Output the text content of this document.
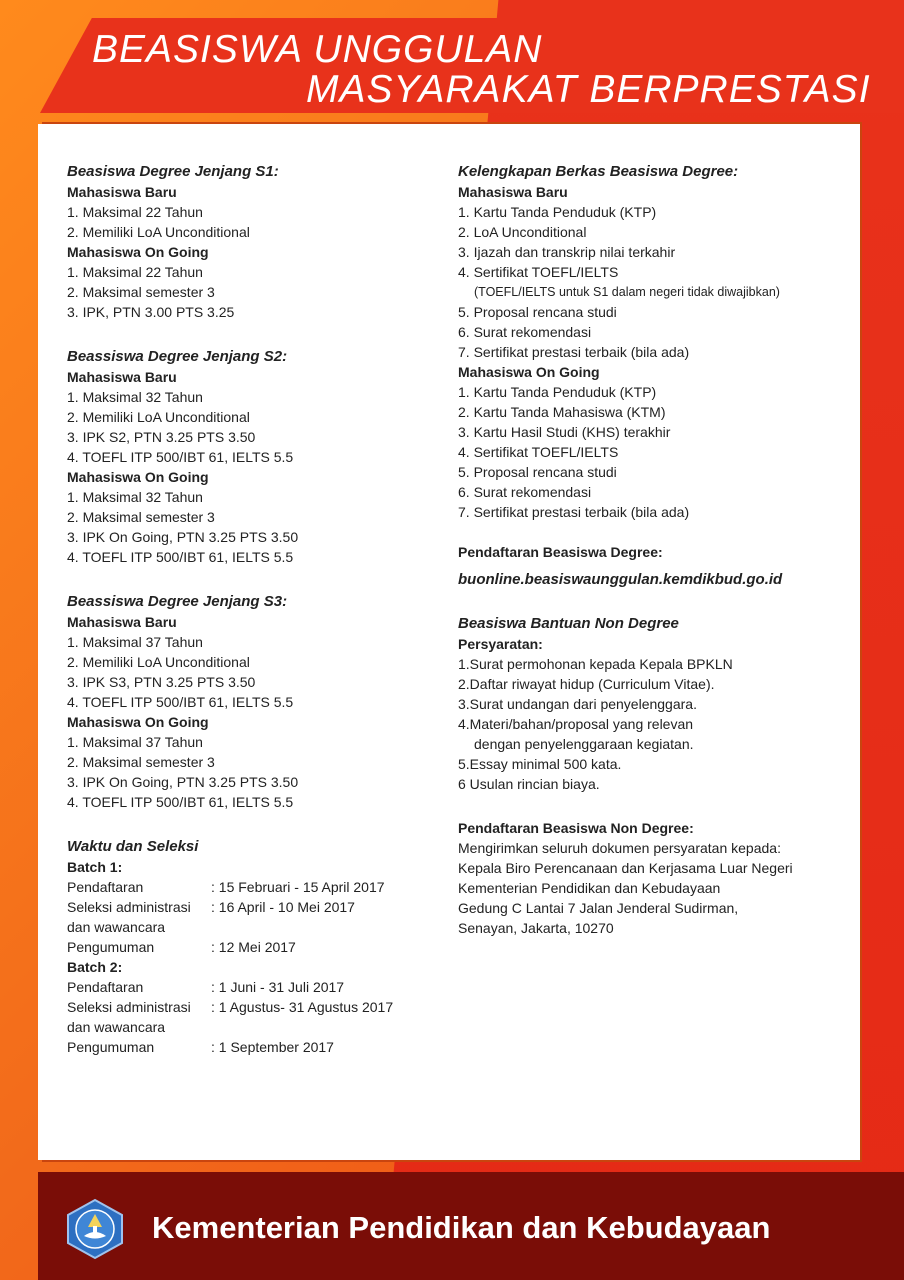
BEASISWA UNGGULAN
MASYARAKAT BERPRESTASI
Beasiswa Degree Jenjang S1:
Mahasiswa Baru
1. Maksimal 22 Tahun
2. Memiliki LoA Unconditional
Mahasiswa On Going
1. Maksimal 22 Tahun
2. Maksimal semester 3
3. IPK, PTN 3.00 PTS 3.25
Beassiswa Degree Jenjang S2:
Mahasiswa Baru
1. Maksimal 32 Tahun
2. Memiliki LoA Unconditional
3. IPK S2, PTN 3.25 PTS 3.50
4. TOEFL ITP 500/IBT 61, IELTS 5.5
Mahasiswa On Going
1. Maksimal 32 Tahun
2. Maksimal semester 3
3. IPK On Going, PTN 3.25 PTS 3.50
4. TOEFL ITP 500/IBT 61, IELTS 5.5
Beassiswa Degree Jenjang S3:
Mahasiswa Baru
1. Maksimal 37 Tahun
2. Memiliki LoA Unconditional
3. IPK S3, PTN 3.25 PTS 3.50
4. TOEFL ITP 500/IBT 61, IELTS 5.5
Mahasiswa On Going
1. Maksimal 37 Tahun
2. Maksimal semester 3
3. IPK On Going, PTN 3.25 PTS 3.50
4. TOEFL ITP 500/IBT 61, IELTS 5.5
Waktu dan Seleksi
Batch 1:
Pendaftaran	: 15 Februari - 15 April 2017
Seleksi administrasi	: 16 April - 10 Mei 2017
dan wawancara
Pengumuman	: 12 Mei 2017
Batch 2:
Pendaftaran	: 1 Juni - 31 Juli 2017
Seleksi administrasi	: 1 Agustus- 31 Agustus 2017
dan wawancara
Pengumuman	: 1 September 2017
Kelengkapan Berkas Beasiswa Degree:
Mahasiswa Baru
1. Kartu Tanda Penduduk (KTP)
2. LoA Unconditional
3. Ijazah dan transkrip nilai terkahir
4. Sertifikat TOEFL/IELTS
(TOEFL/IELTS untuk S1 dalam negeri tidak diwajibkan)
5. Proposal rencana studi
6. Surat rekomendasi
7. Sertifikat prestasi terbaik (bila ada)
Mahasiswa On Going
1. Kartu Tanda Penduduk (KTP)
2. Kartu Tanda Mahasiswa (KTM)
3. Kartu Hasil Studi (KHS) terakhir
4. Sertifikat TOEFL/IELTS
5. Proposal rencana studi
6. Surat rekomendasi
7. Sertifikat prestasi terbaik (bila ada)
Pendaftaran Beasiswa Degree:
buonline.beasiswaunggulan.kemdikbud.go.id
Beasiswa Bantuan Non Degree
Persyaratan:
1.Surat permohonan kepada Kepala BPKLN
2.Daftar riwayat hidup (Curriculum Vitae).
3.Surat undangan dari penyelenggara.
4.Materi/bahan/proposal yang relevan
dengan penyelenggaraan kegiatan.
5.Essay minimal 500 kata.
6 Usulan rincian biaya.
Pendaftaran Beasiswa Non Degree:
Mengirimkan seluruh dokumen persyaratan kepada:
Kepala Biro Perencanaan dan Kerjasama Luar Negeri
Kementerian Pendidikan dan Kebudayaan
Gedung C Lantai 7 Jalan Jenderal Sudirman,
Senayan, Jakarta, 10270
Kementerian Pendidikan dan Kebudayaan
